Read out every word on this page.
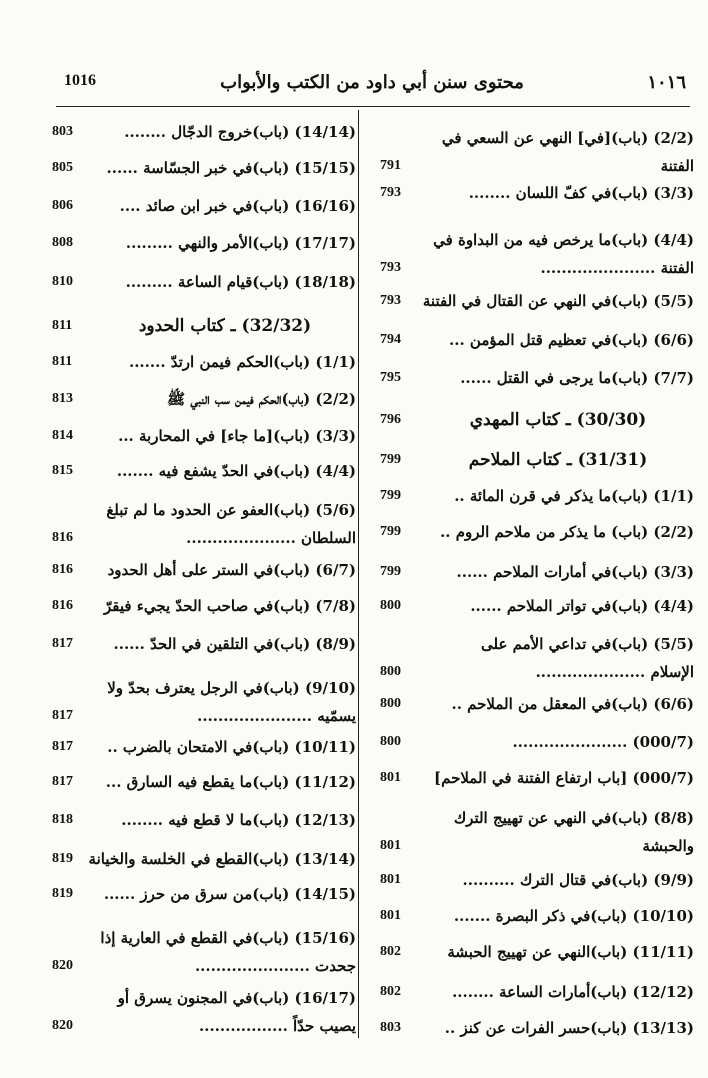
1016	محتوى سنن أبي داود من الكتب والأبواب	١٠١٦
(2/2) (باب)[في] النهي عن السعي في
الفتنة
791
(3/3) (باب)في كفّ اللسان ........
793
(4/4) (باب)ما يرخص فيه من البداوة في
الفتنة ......................
793
(5/5) (باب)في النهي عن القتال في الفتنة
793
(6/6) (باب)في تعظيم قتل المؤمن ...
794
(7/7) (باب)ما يرجى في القتل ......
795
(30/30) ـ كتاب المهدي
796
(31/31) ـ كتاب الملاحم
799
(1/1) (باب)ما يذكر في قرن المائة ..
799
(2/2) (باب) ما يذكر من ملاحم الروم ..
799
(3/3) (باب)في أمارات الملاحم ......
799
(4/4) (باب)في تواتر الملاحم ......
800
(5/5) (باب)في تداعي الأمم على
الإسلام .....................
800
(6/6) (باب)في المعقل من الملاحم ..
800
(000/7) ......................
800
(000/7) [باب ارتفاع الفتنة في الملاحم]
801
(8/8) (باب)في النهي عن تهييج الترك
والحبشة
801
(9/9) (باب)في قتال الترك ..........
801
(10/10) (باب)في ذكر البصرة .......
801
(11/11) (باب)النهي عن تهييج الحبشة
802
(12/12) (باب)أمارات الساعة ........
802
(13/13) (باب)حسر الفرات عن كنز ..
803
(14/14) (باب)خروج الدجّال ........
803
(15/15) (باب)في خبر الجسّاسة ......
805
(16/16) (باب)في خبر ابن صائد ....
806
(17/17) (باب)الأمر والنهي .........
808
(18/18) (باب)قيام الساعة .........
810
(32/32) ـ كتاب الحدود
811
(1/1) (باب)الحكم فيمن ارتدّ .......
811
(2/2) (باب)الحكم فيمن سب النبي ﷺ
813
(3/3) (باب)[ما جاء] في المحاربة ...
814
(4/4) (باب)في الحدّ يشفع فيه .......
815
(5/6) (باب)العفو عن الحدود ما لم تبلغ
السلطان .....................
816
(6/7) (باب)في الستر على أهل الحدود
816
(7/8) (باب)في صاحب الحدّ يجيء فيقرّ
816
(8/9) (باب)في التلقين في الحدّ ......
817
(9/10) (باب)في الرجل يعترف بحدّ ولا
يسمّيه ......................
817
(10/11) (باب)في الامتحان بالضرب ..
817
(11/12) (باب)ما يقطع فيه السارق ...
817
(12/13) (باب)ما لا قطع فيه ........
818
(13/14) (باب)القطع في الخلسة والخيانة
819
(14/15) (باب)من سرق من حرز ......
819
(15/16) (باب)في القطع في العارية إذا
جحدت ......................
820
(16/17) (باب)في المجنون يسرق أو
يصيب حدّاً .................
820
